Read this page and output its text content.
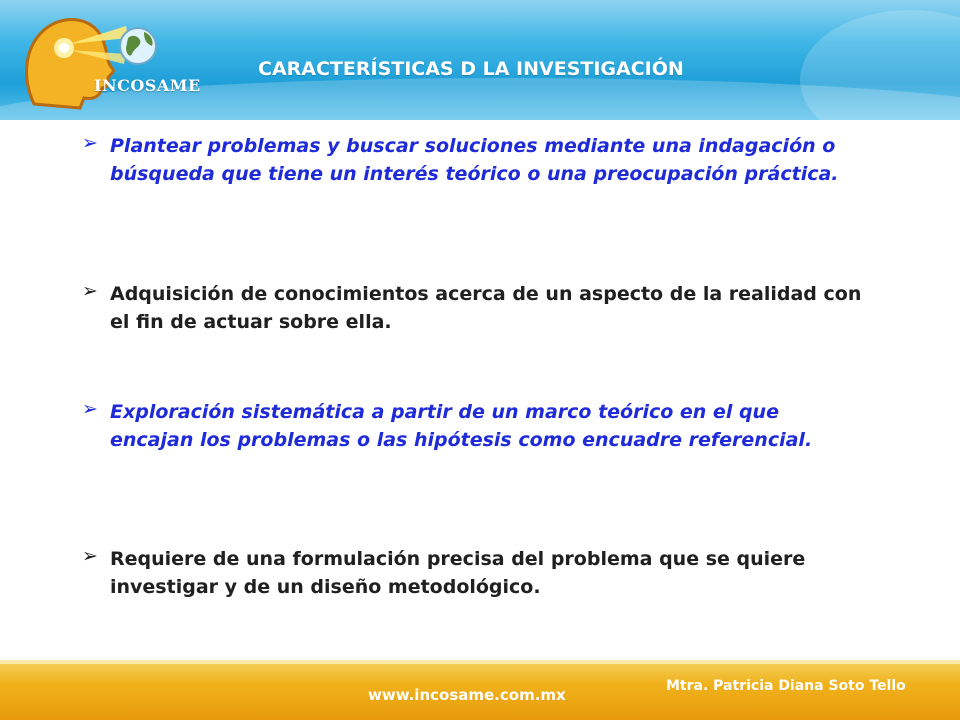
INCOSAME
CARACTERÍSTICAS D LA INVESTIGACIÓN
➢ Plantear problemas y buscar soluciones mediante una indagación o búsqueda que tiene un interés teórico o una preocupación práctica.
➢ Adquisición de conocimientos acerca de un aspecto de la realidad con el fin de actuar sobre ella.
➢ Exploración sistemática a partir de un marco teórico en el que encajan los problemas o las hipótesis como encuadre referencial.
➢ Requiere de una formulación precisa del problema que se quiere investigar y de un diseño metodológico.
www.incosame.com.mx	Mtra. Patricia Diana Soto Tello
